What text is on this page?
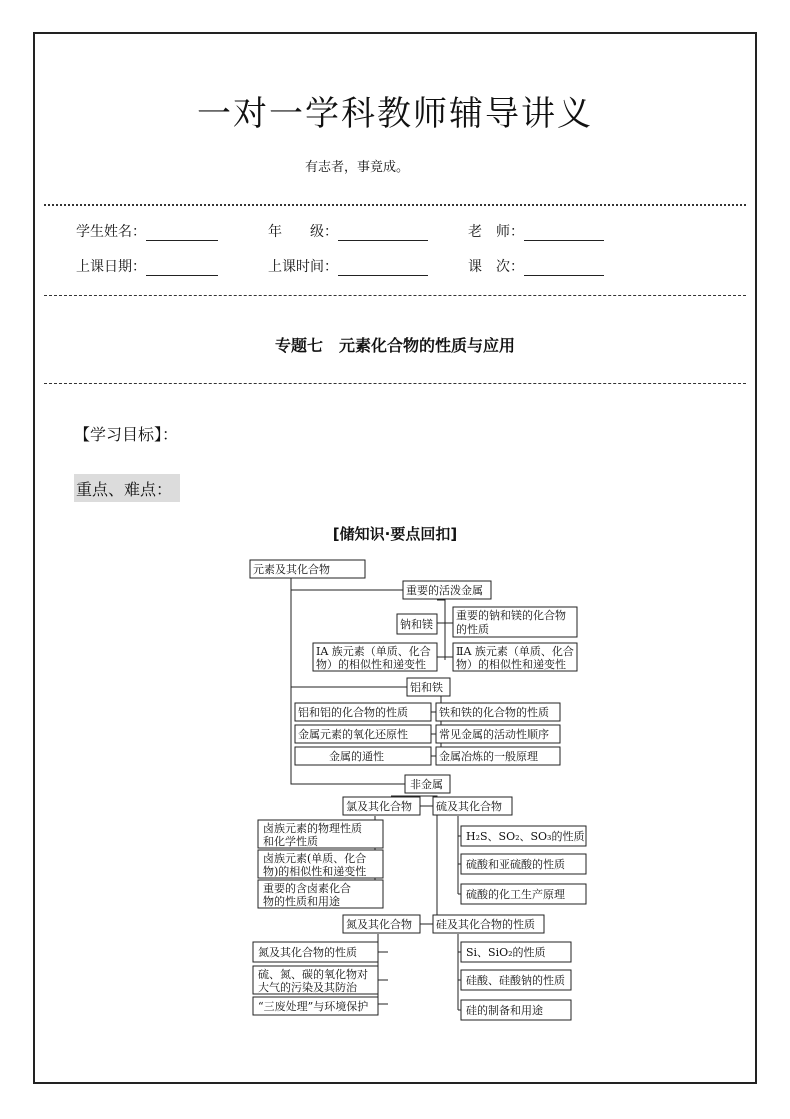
一对一学科教师辅导讲义
有志者，事竟成。
学生姓名：	年　　级：	老　师：
上课日期：	上课时间：	课　次：
专题七　元素化合物的性质与应用
【学习目标】：
重点、难点：
[储知识·要点回扣]
元素及其化合物
重要的活泼金属
钠和镁
重要的钠和镁的化合物
的性质
ⅠA 族元素（单质、化合
物）的相似性和递变性
ⅡA 族元素（单质、化合
物）的相似性和递变性
铝和铁
铝和铝的化合物的性质	铁和铁的化合物的性质
金属元素的氧化还原性	常见金属的活动性顺序
金属的通性	金属冶炼的一般原理
非金属
氯及其化合物 硫及其化合物
卤族元素的物理性质
和化学性质
卤族元素(单质、化合
物)的相似性和递变性
重要的含卤素化合
物的性质和用途
H₂S、SO₂、SO₃的性质
硫酸和亚硫酸的性质
硫酸的化工生产原理
氮及其化合物 硅及其化合物的性质
氮及其化合物的性质
硫、氮、碳的氧化物对
大气的污染及其防治
“三废处理”与环境保护
Si、SiO₂的性质
硅酸、硅酸钠的性质
硅的制备和用途
